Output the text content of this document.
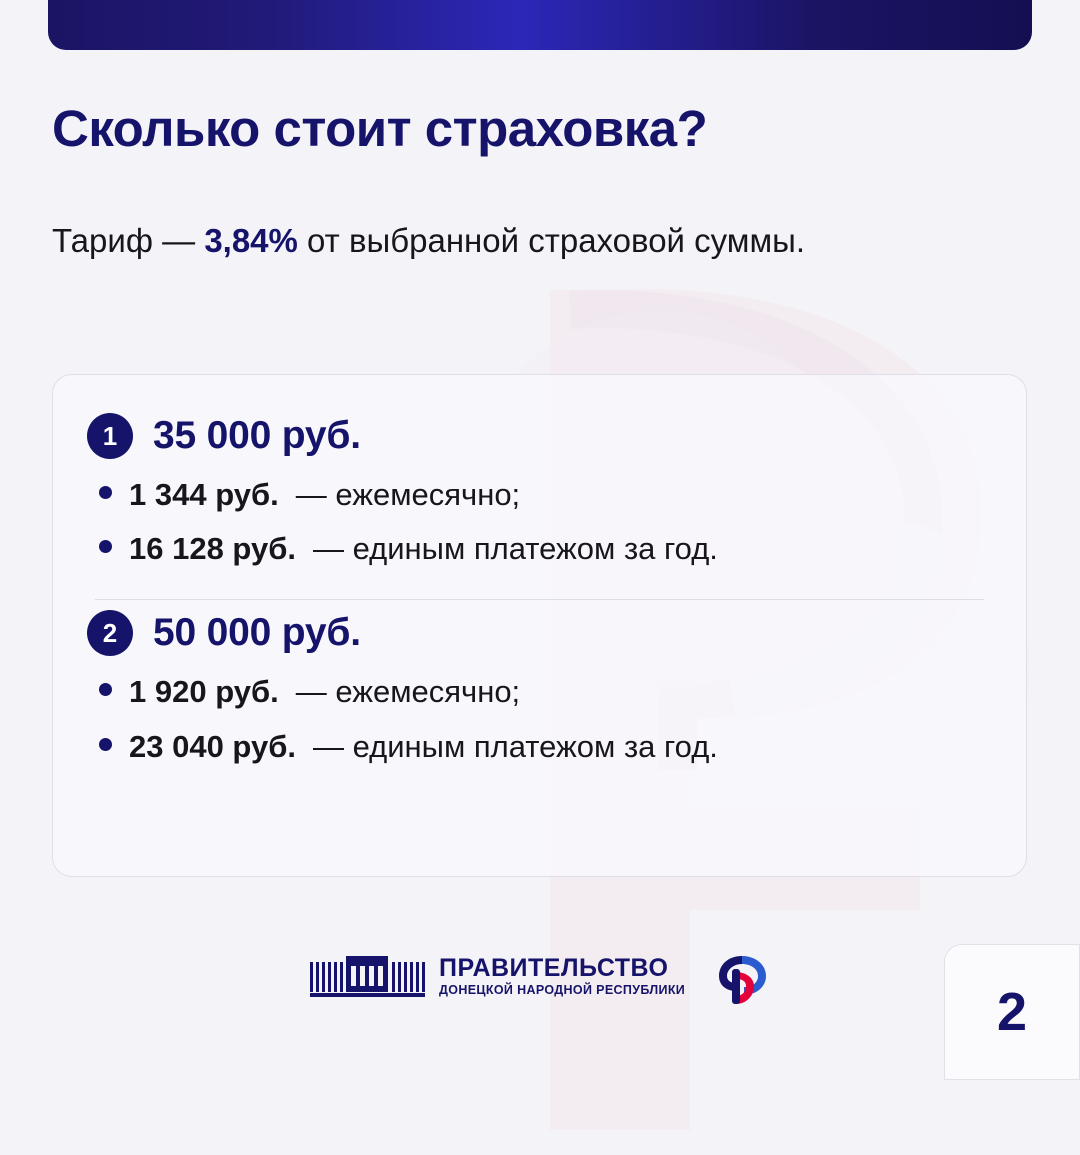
Сколько стоит страховка?
Тариф — 3,84% от выбранной страховой суммы.
1 35 000 руб.
1 344 руб. — ежемесячно;
16 128 руб. — единым платежом за год.
2 50 000 руб.
1 920 руб. — ежемесячно;
23 040 руб. — единым платежом за год.
ПРАВИТЕЛЬСТВО
ДОНЕЦКОЙ НАРОДНОЙ РЕСПУБЛИКИ	2
